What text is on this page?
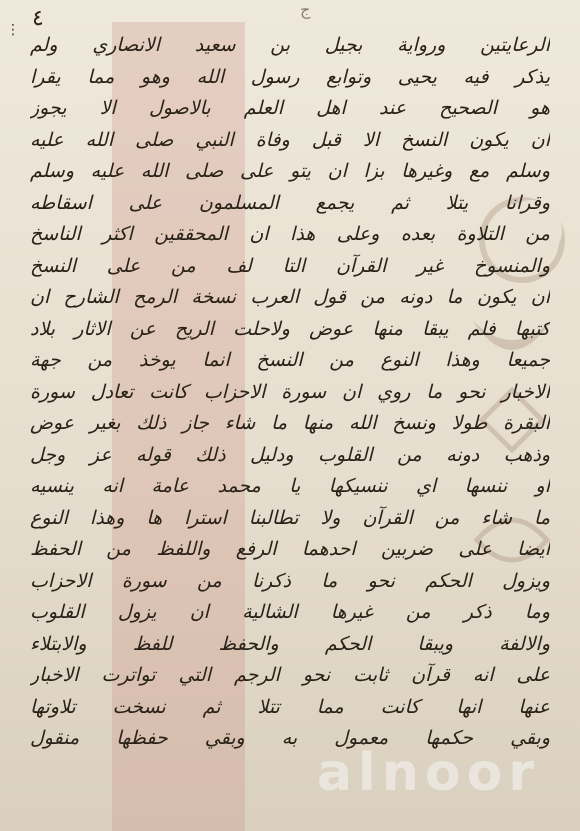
٤	ج
⋮
الرعايتين ورواية بجيل بن سعيد الانصاري ولم
يذكر فيه يحيى وتوابع رسول الله وهو مما يقرا
هو الصحيح عند اهل العلم بالاصول الا يجوز
ان يكون النسخ الا قبل وفاة النبي صلى الله عليه
وسلم مع وغيرها بزا ان يتو على صلى الله عليه وسلم
وقرانا يتلا ثم يجمع المسلمون على اسقاطه
من التلاوة بعده وعلى هذا ان المحققين اكثر الناسخ
والمنسوخ غير القرآن التا لف من على النسخ
ان يكون ما دونه من قول العرب نسخة الرمح الشارح ان
كتبها فلم يبقا منها عوض ولاحلت الريح عن الاثار بلاد
جميعا وهذا النوع من النسخ انما يوخذ من جهة
الاخبار نحو ما روي ان سورة الاحزاب كانت تعادل سورة
البقرة طولا ونسخ الله منها ما شاء جاز ذلك بغير عوض
وذهب دونه من القلوب ودليل ذلك قوله عز وجل
او ننسها اي ننسيكها يا محمد عامة انه ينسيه
ما شاء من القرآن ولا تطالبنا استرا ها وهذا النوع
ايضا على ضربين احدهما الرفع واللفظ من الحفظ
ويزول الحكم نحو ما ذكرنا من سورة الاحزاب
وما ذكر من غيرها الشالية ان يزول القلوب
والالفة ويبقا الحكم والحفظ للفظ والابتلاء
على انه قرآن ثابت نحو الرجم التي تواترت الاخبار
عنها انها كانت مما تتلا ثم نسخت تلاوتها
وبقي حكمها معمول به وبقي حفظها منقول
alnoor
